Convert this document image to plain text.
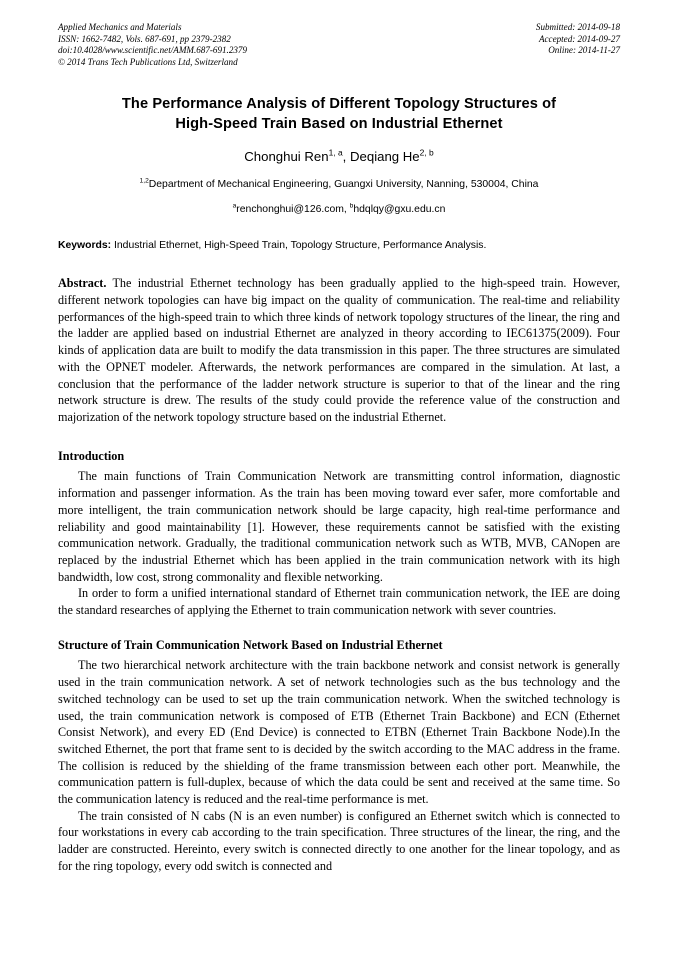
Applied Mechanics and Materials
ISSN: 1662-7482, Vols. 687-691, pp 2379-2382
doi:10.4028/www.scientific.net/AMM.687-691.2379
© 2014 Trans Tech Publications Ltd, Switzerland
Submitted: 2014-09-18
Accepted: 2014-09-27
Online: 2014-11-27
The Performance Analysis of Different Topology Structures of
High-Speed Train Based on Industrial Ethernet
Chonghui Ren$^{1, a}$, Deqiang He$^{2, b}$
$^{1,2}$Department of Mechanical Engineering, Guangxi University, Nanning, 530004, China
$^a$renchonghui@126.com, $^b$hdqlqy@gxu.edu.cn
Keywords: Industrial Ethernet, High-Speed Train, Topology Structure, Performance Analysis.
Abstract. The industrial Ethernet technology has been gradually applied to the high-speed train. However, different network topologies can have big impact on the quality of communication. The real-time and reliability performances of the high-speed train to which three kinds of network topology structures of the linear, the ring and the ladder are applied based on industrial Ethernet are analyzed in theory according to IEC61375(2009). Four kinds of application data are built to modify the data transmission in this paper. The three structures are simulated with the OPNET modeler. Afterwards, the network performances are compared in the simulation. At last, a conclusion that the performance of the ladder network structure is superior to that of the linear and the ring network structure is drew. The results of the study could provide the reference value of the construction and majorization of the network topology structure based on the industrial Ethernet.
Introduction

The main functions of Train Communication Network are transmitting control information, diagnostic information and passenger information. As the train has been moving toward ever safer, more comfortable and more intelligent, the train communication network should be large capacity, high real-time performance and reliability and good maintainability [1]. However, these requirements cannot be satisfied with the existing communication network. Gradually, the traditional communication network such as WTB, MVB, CANopen are replaced by the industrial Ethernet which has been applied in the train communication network with its high bandwidth, low cost, strong commonality and flexible networking.

In order to form a unified international standard of Ethernet train communication network, the IEE are doing the standard researches of applying the Ethernet to train communication network with sever countries.

Structure of Train Communication Network Based on Industrial Ethernet

The two hierarchical network architecture with the train backbone network and consist network is generally used in the train communication network. A set of network technologies such as the bus technology and the switched technology can be used to set up the train communication network. When the switched technology is used, the train communication network is composed of ETB (Ethernet Train Backbone) and ECN (Ethernet Consist Network), and every ED (End Device) is connected to ETBN (Ethernet Train Backbone Node).In the switched Ethernet, the port that frame sent to is decided by the switch according to the MAC address in the frame. The collision is reduced by the shielding of the frame transmission between each other port. Meanwhile, the communication pattern is full-duplex, because of which the data could be sent and received at the same time. So the communication latency is reduced and the real-time performance is met.

The train consisted of N cabs (N is an even number) is configured an Ethernet switch which is connected to four workstations in every cab according to the train specification. Three structures of the linear, the ring, and the ladder are constructed. Hereinto, every switch is connected directly to one another for the linear topology, and as for the ring topology, every odd switch is connected and
